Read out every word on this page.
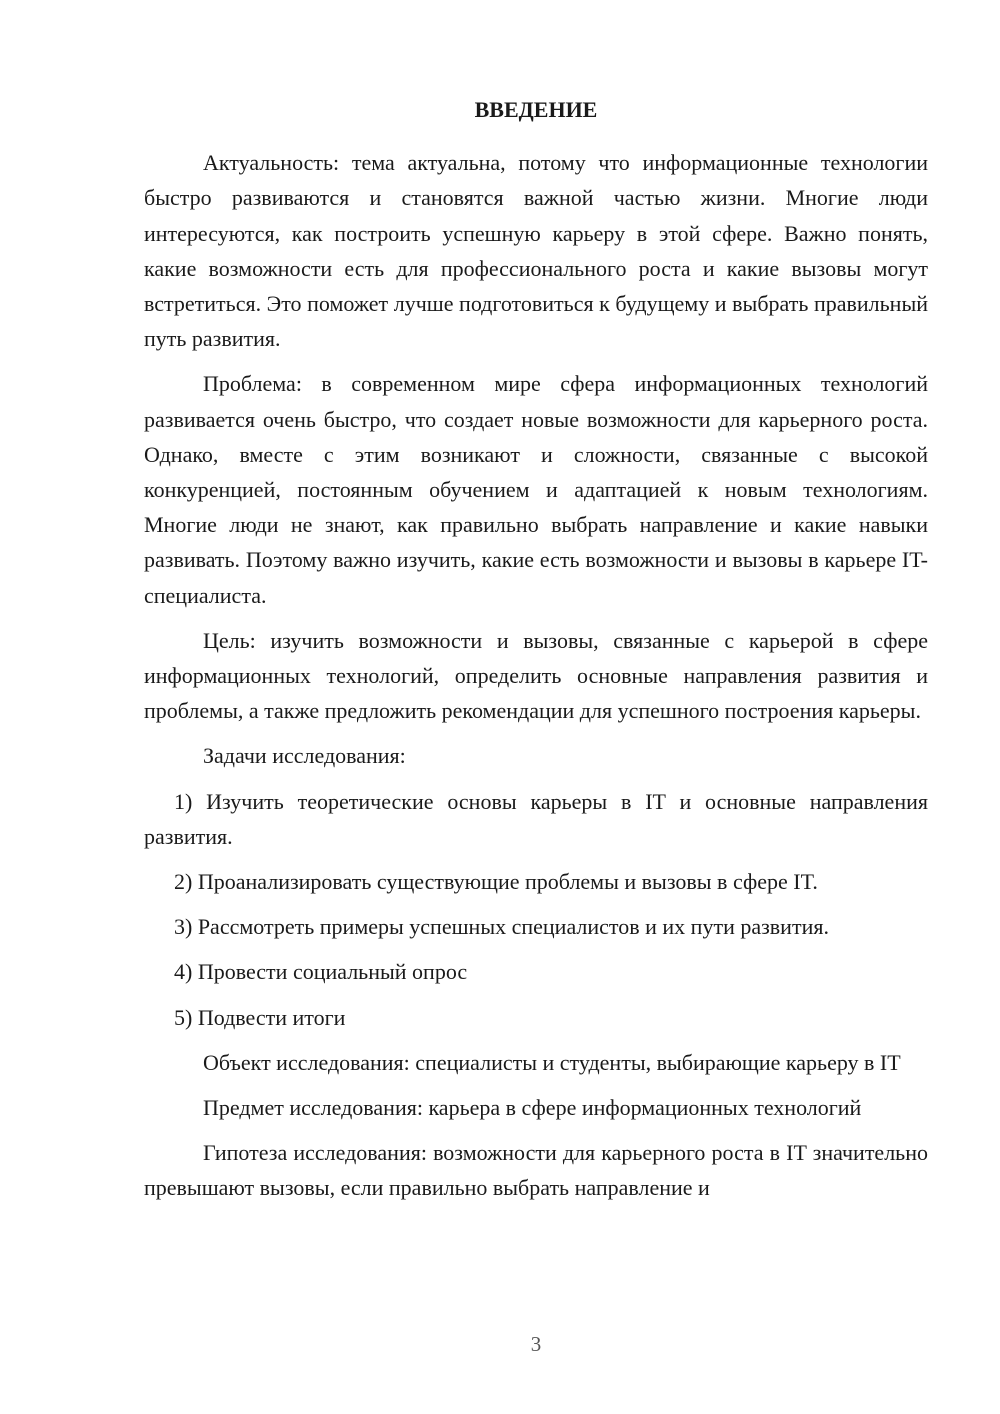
ВВЕДЕНИЕ

Актуальность: тема актуальна, потому что информационные технологии быстро развиваются и становятся важной частью жизни. Многие люди интересуются, как построить успешную карьеру в этой сфере. Важно понять, какие возможности есть для профессионального роста и какие вызовы могут встретиться. Это поможет лучше подготовиться к будущему и выбрать правильный путь развития.

Проблема: в современном мире сфера информационных технологий развивается очень быстро, что создает новые возможности для карьерного роста. Однако, вместе с этим возникают и сложности, связанные с высокой конкуренцией, постоянным обучением и адаптацией к новым технологиям. Многие люди не знают, как правильно выбрать направление и какие навыки развивать. Поэтому важно изучить, какие есть возможности и вызовы в карьере IT-специалиста.

Цель: изучить возможности и вызовы, связанные с карьерой в сфере информационных технологий, определить основные направления развития и проблемы, а также предложить рекомендации для успешного построения карьеры.

Задачи исследования:

1) Изучить теоретические основы карьеры в IT и основные направления развития.

2) Проанализировать существующие проблемы и вызовы в сфере IT.

3) Рассмотреть примеры успешных специалистов и их пути развития.

4) Провести социальный опрос

5) Подвести итоги

Объект исследования: специалисты и студенты, выбирающие карьеру в IT

Предмет исследования: карьера в сфере информационных технологий

Гипотеза исследования: возможности для карьерного роста в IT значительно превышают вызовы, если правильно выбрать направление и

3
